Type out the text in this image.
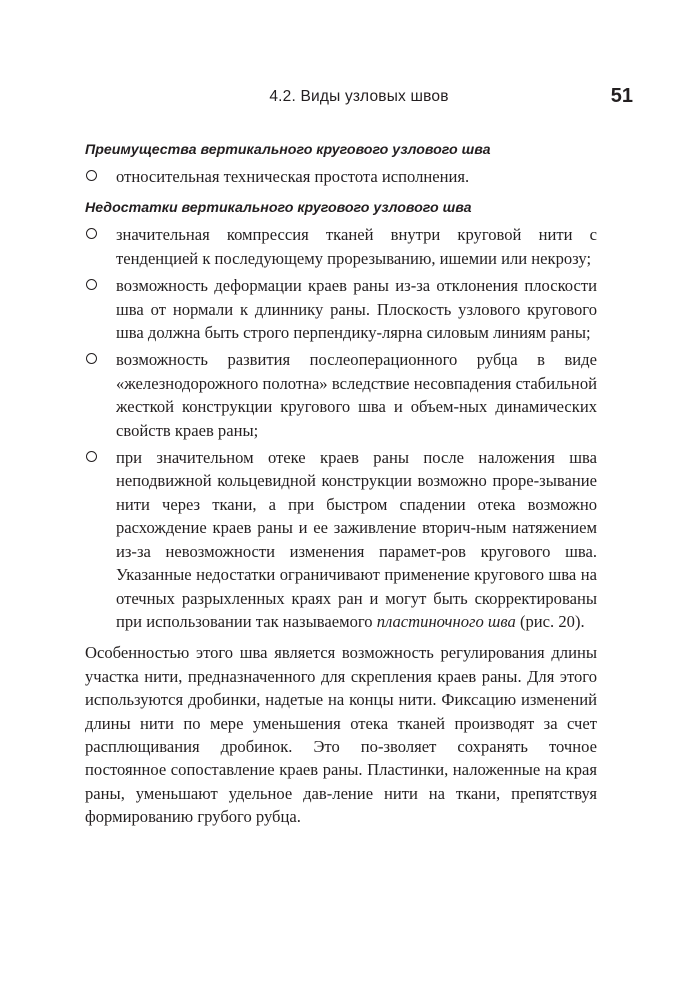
4.2. Виды узловых швов	51
Преимущества вертикального кругового узлового шва
относительная техническая простота исполнения.
Недостатки вертикального кругового узлового шва
значительная компрессия тканей внутри круговой нити с тенденцией к последующему прорезыванию, ишемии или некрозу;
возможность деформации краев раны из-за отклонения плоскости шва от нормали к длиннику раны. Плоскость узлового кругового шва должна быть строго перпендику-лярна силовым линиям раны;
возможность развития послеоперационного рубца в виде «железнодорожного полотна» вследствие несовпадения стабильной жесткой конструкции кругового шва и объем-ных динамических свойств краев раны;
при значительном отеке краев раны после наложения шва неподвижной кольцевидной конструкции возможно проре-зывание нити через ткани, а при быстром спадении отека возможно расхождение краев раны и ее заживление вторич-ным натяжением из-за невозможности изменения парамет-ров кругового шва. Указанные недостатки ограничивают применение кругового шва на отечных разрыхленных краях ран и могут быть скорректированы при использовании так называемого пластиночного шва (рис. 20).

Особенностью этого шва является возможность регулирования длины участка нити, предназначенного для скрепления краев раны. Для этого используются дробинки, надетые на концы нити. Фиксацию изменений длины нити по мере уменьшения отека тканей производят за счет расплющивания дробинок. Это по-зволяет сохранять точное постоянное сопоставление краев раны. Пластинки, наложенные на края раны, уменьшают удельное дав-ление нити на ткани, препятствуя формированию грубого рубца.
